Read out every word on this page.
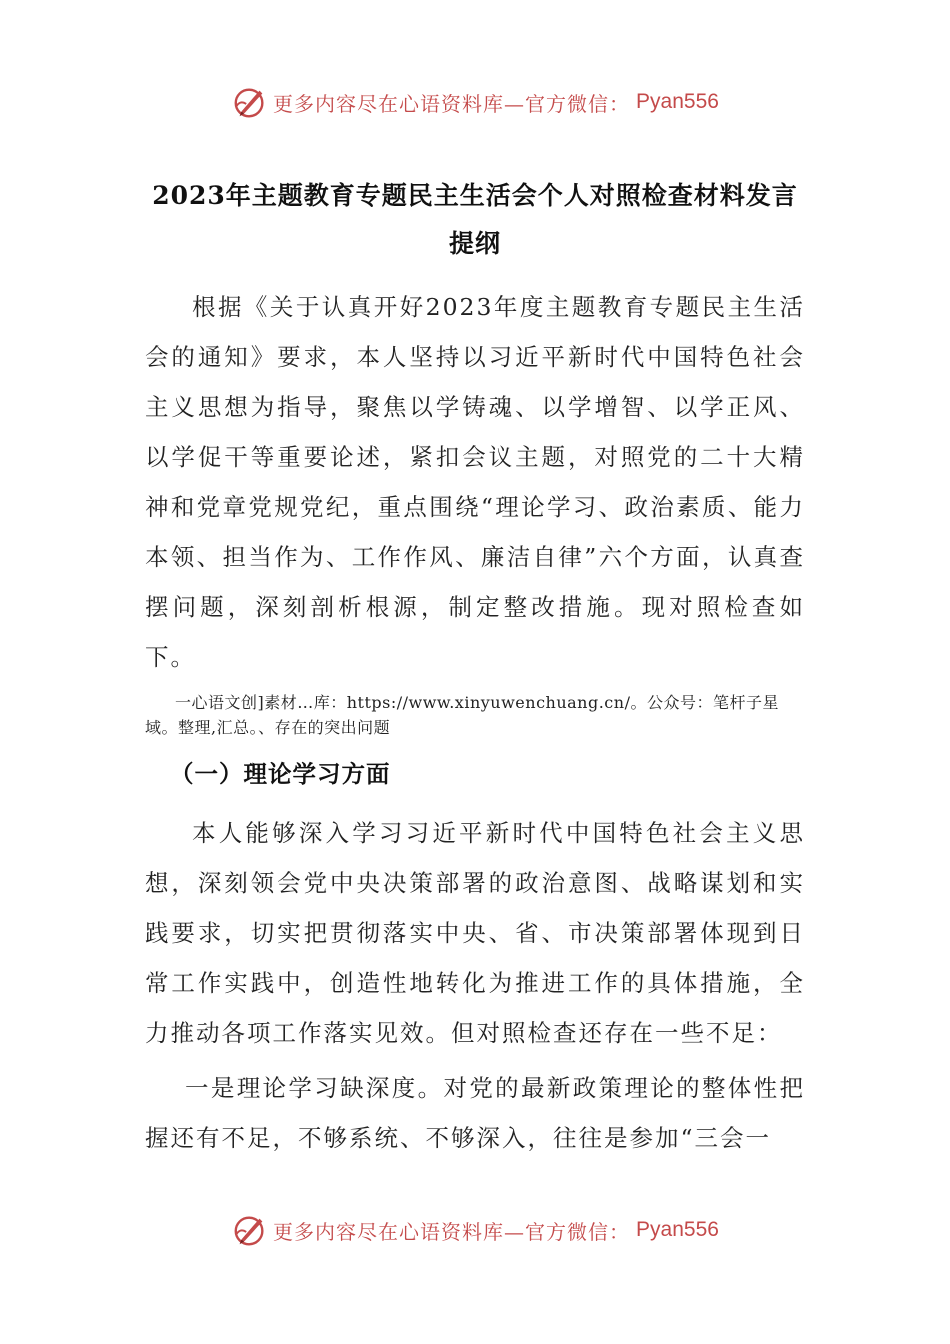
更多内容尽在心语资料库—官方微信： Pyan556
2023年主题教育专题民主生活会个人对照检查材料发言提纲

根据《关于认真开好2023年度主题教育专题民主生活会的通知》要求，本人坚持以习近平新时代中国特色社会主义思想为指导，聚焦以学铸魂、以学增智、以学正风、以学促干等重要论述，紧扣会议主题，对照党的二十大精神和党章党规党纪，重点围绕“理论学习、政治素质、能力本领、担当作为、工作作风、廉洁自律”六个方面，认真查摆问题，深刻剖析根源，制定整改措施。现对照检查如下。

一心语文创]素材…库：https://www.xinyuwenchuang.cn/。公众号：笔杆子星域。整理,汇总。、存在的突出问题

（一）理论学习方面

本人能够深入学习习近平新时代中国特色社会主义思想，深刻领会党中央决策部署的政治意图、战略谋划和实践要求，切实把贯彻落实中央、省、市决策部署体现到日常工作实践中，创造性地转化为推进工作的具体措施，全力推动各项工作落实见效。但对照检查还存在一些不足：

一是理论学习缺深度。对党的最新政策理论的整体性把握还有不足，不够系统、不够深入，往往是参加“三会一

更多内容尽在心语资料库—官方微信： Pyan556
